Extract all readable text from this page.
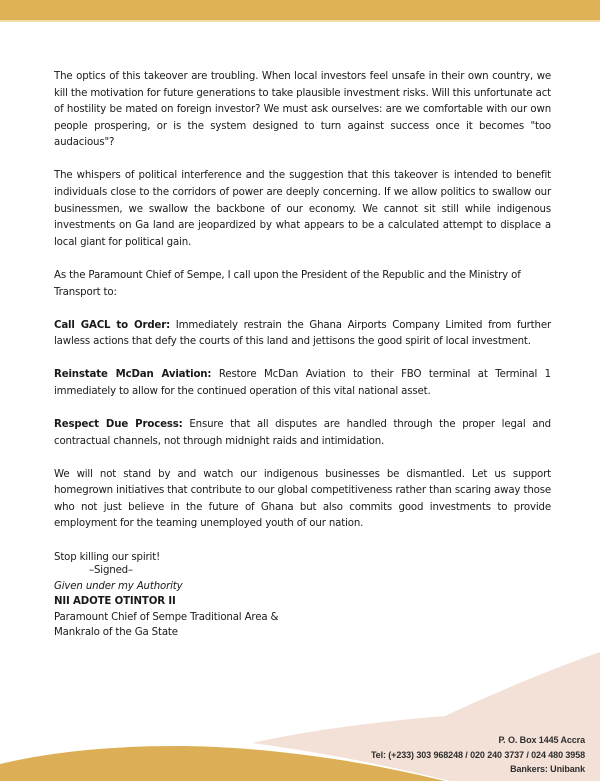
The optics of this takeover are troubling. When local investors feel unsafe in their own country, we kill the motivation for future generations to take plausible investment risks. Will this unfortunate act of hostility be mated on foreign investor? We must ask ourselves: are we comfortable with our own people prospering, or is the system designed to turn against success once it becomes "too audacious"?

The whispers of political interference and the suggestion that this takeover is intended to benefit individuals close to the corridors of power are deeply concerning. If we allow politics to swallow our businessmen, we swallow the backbone of our economy. We cannot sit still while indigenous investments on Ga land are jeopardized by what appears to be a calculated attempt to displace a local giant for political gain.

As the Paramount Chief of Sempe, I call upon the President of the Republic and the Ministry of Transport to:

Call GACL to Order: Immediately restrain the Ghana Airports Company Limited from further lawless actions that defy the courts of this land and jettisons the good spirit of local investment.

Reinstate McDan Aviation: Restore McDan Aviation to their FBO terminal at Terminal 1 immediately to allow for the continued operation of this vital national asset.

Respect Due Process: Ensure that all disputes are handled through the proper legal and contractual channels, not through midnight raids and intimidation.

We will not stand by and watch our indigenous businesses be dismantled. Let us support homegrown initiatives that contribute to our global competitiveness rather than scaring away those who not just believe in the future of Ghana but also commits good investments to provide employment for the teaming unemployed youth of our nation.

Stop killing our spirit!

–Signed–
Given under my Authority
NII ADOTE OTINTOR II
Paramount Chief of Sempe Traditional Area &
Mankralo of the Ga State
P. O. Box 1445 Accra
Tel: (+233) 303 968248 / 020 240 3737 / 024 480 3958
Bankers: Unibank
